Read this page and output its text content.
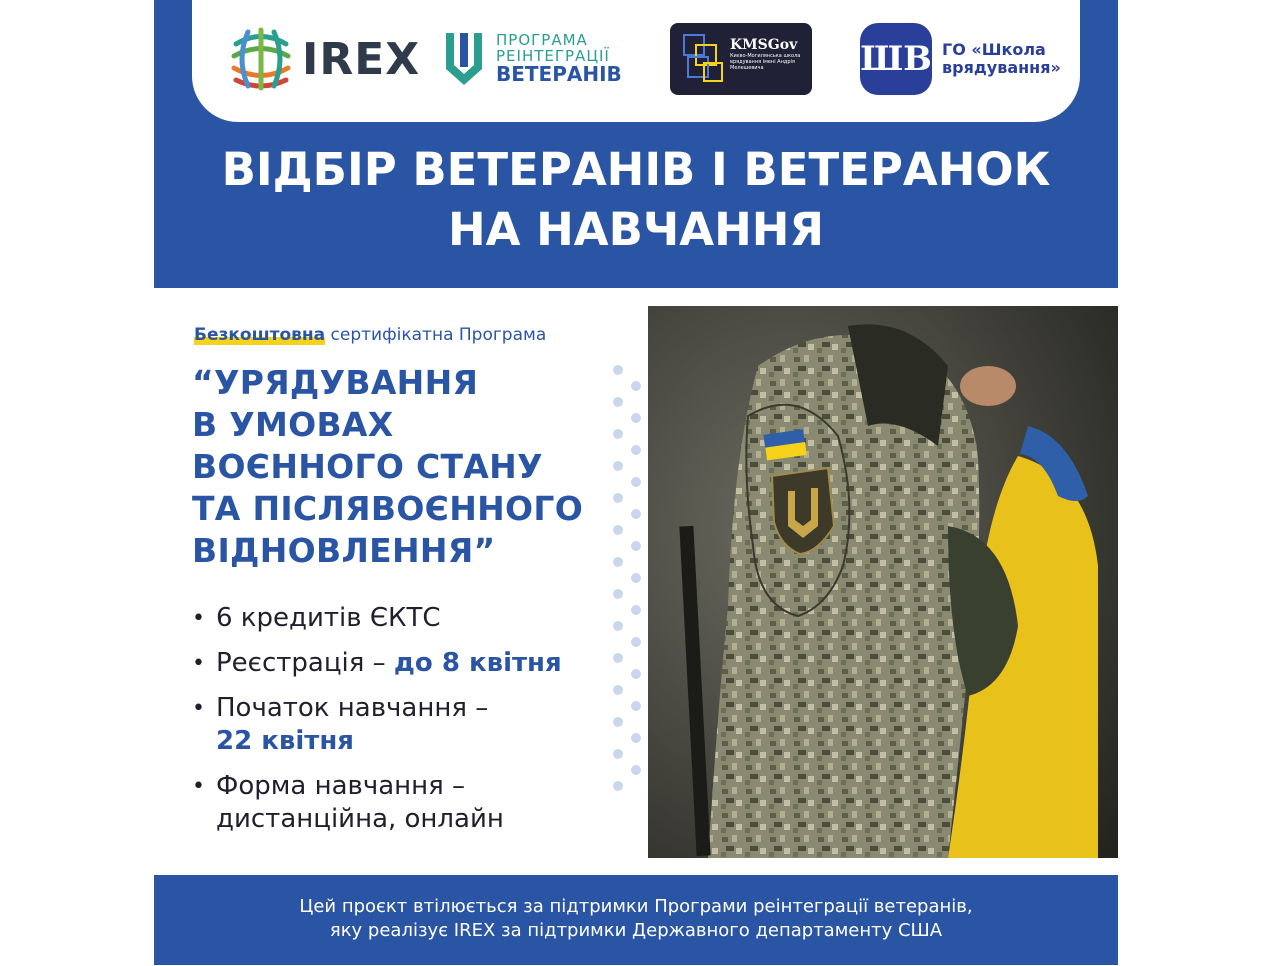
IREX	ПРОГРАМА
РЕІНТЕГРАЦІЇ
ВЕТЕРАНІВ
KMSGov
Києво-Могилянська школа врядування імені Андрія Мелешевича	ШВ ГО «Школа врядування»
ВІДБІР ВЕТЕРАНІВ І ВЕТЕРАНОК
НА НАВЧАННЯ
Безкоштовна сертифікатна Програма
“УРЯДУВАННЯ
В УМОВАХ
ВОЄННОГО СТАНУ
ТА ПІСЛЯВОЄННОГО
ВІДНОВЛЕННЯ”
• 6 кредитів ЄКТС
• Реєстрація – до 8 квітня
• Початок навчання –
22 квітня
• Форма навчання –
дистанційна, онлайн
Цей проєкт втілюється за підтримки Програми реінтеграції ветеранів,
яку реалізує IREX за підтримки Державного департаменту США
